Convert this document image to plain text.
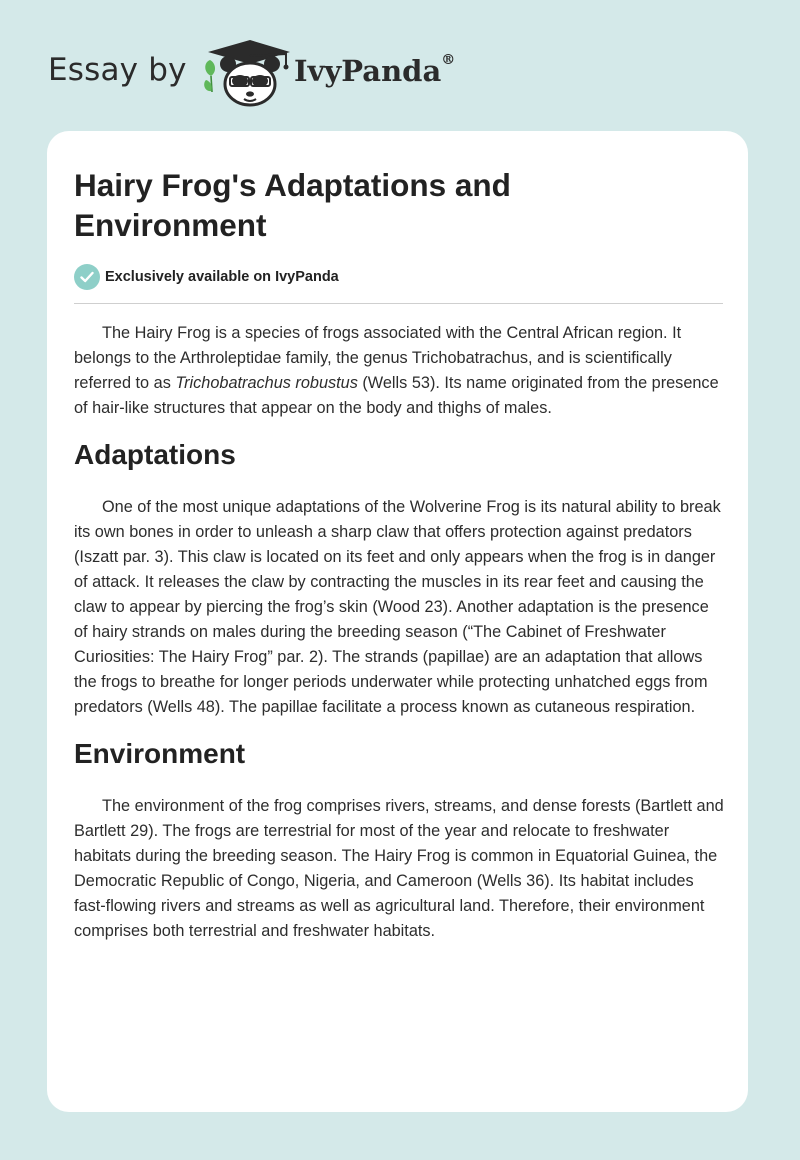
Essay by	IvyPanda®
Hairy Frog's Adaptations and Environment
Exclusively available on IvyPanda

The Hairy Frog is a species of frogs associated with the Central African region. It belongs to the Arthroleptidae family, the genus Trichobatrachus, and is scientifically referred to as Trichobatrachus robustus (Wells 53). Its name originated from the presence of hair-like structures that appear on the body and thighs of males.

Adaptations

One of the most unique adaptations of the Wolverine Frog is its natural ability to break its own bones in order to unleash a sharp claw that offers protection against predators (Iszatt par. 3). This claw is located on its feet and only appears when the frog is in danger of attack. It releases the claw by contracting the muscles in its rear feet and causing the claw to appear by piercing the frog’s skin (Wood 23). Another adaptation is the presence of hairy strands on males during the breeding season (“The Cabinet of Freshwater Curiosities: The Hairy Frog” par. 2). The strands (papillae) are an adaptation that allows the frogs to breathe for longer periods underwater while protecting unhatched eggs from predators (Wells 48). The papillae facilitate a process known as cutaneous respiration.

Environment

The environment of the frog comprises rivers, streams, and dense forests (Bartlett and Bartlett 29). The frogs are terrestrial for most of the year and relocate to freshwater habitats during the breeding season. The Hairy Frog is common in Equatorial Guinea, the Democratic Republic of Congo, Nigeria, and Cameroon (Wells 36). Its habitat includes fast-flowing rivers and streams as well as agricultural land. Therefore, their environment comprises both terrestrial and freshwater habitats.
